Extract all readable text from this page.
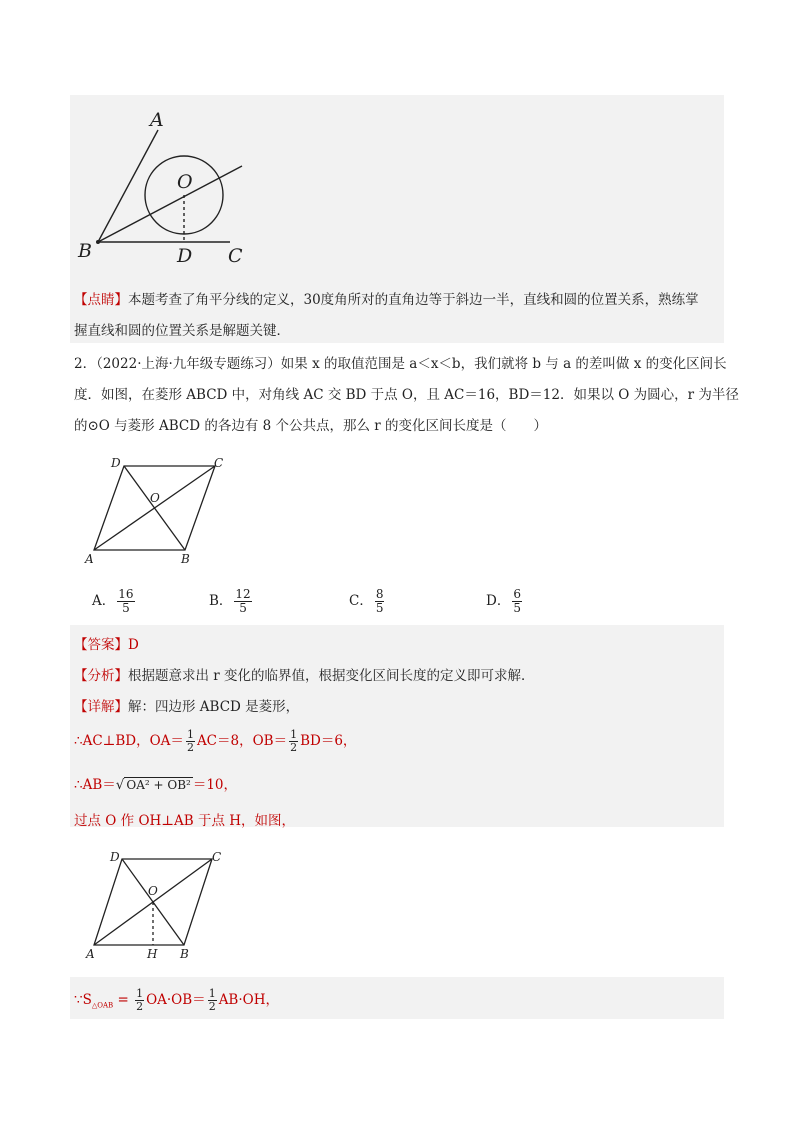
A
B	C
D
O
【点睛】本题考查了角平分线的定义，30度角所对的直角边等于斜边一半，直线和圆的位置关系，熟练掌
握直线和圆的位置关系是解题关键．
2．（2022·上海·九年级专题练习）如果 x 的取值范围是 a＜x＜b，我们就将 b 与 a 的差叫做 x 的变化区间长
度．如图，在菱形 ABCD 中，对角线 AC 交 BD 于点 O，且 AC＝16，BD＝12．如果以 O 为圆心，r 为半径
的⊙O 与菱形 ABCD 的各边有 8 个公共点，那么 r 的变化区间长度是（　　）
A	B
C
D
O
A． $\frac{16}{5}$	B． $\frac{12}{5}$	C． $\frac{8}{5}$	D． $\frac{6}{5}$
【答案】D
【分析】根据题意求出 r 变化的临界值，根据变化区间长度的定义即可求解．
【详解】解：四边形 ABCD 是菱形，
∴AC⊥BD，$OA= \frac{1}{2} AC=8$，$OB= \frac{1}{2} BD=6$，
∴AB＝√ OA² + OB² ＝10，
过点 O 作 OH⊥AB 于点 H，如图，
A	B
C
D
O
H
$\because S_{\triangle OAB} = \frac{1}{2} OA\cdot OB= \frac{1}{2} AB\cdot OH$，
